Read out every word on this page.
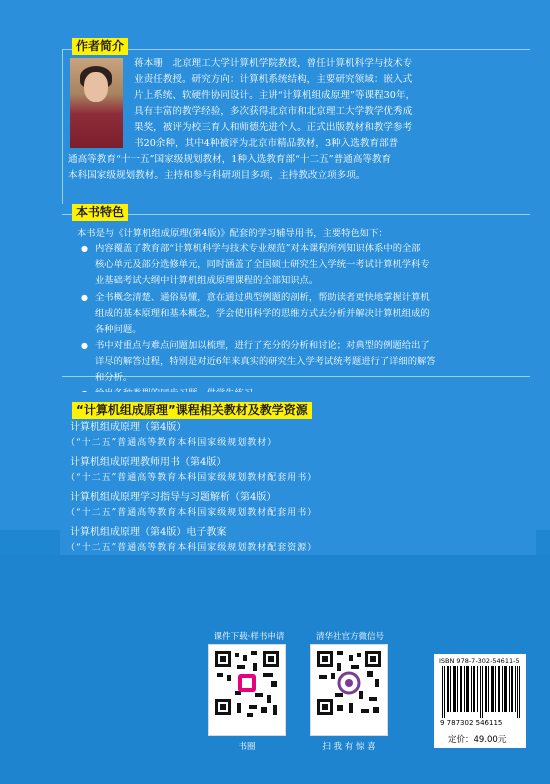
作者简介
蒋本珊　北京理工大学计算机学院教授，曾任计算机科学与技术专
业责任教授。研究方向：计算机系统结构，主要研究领域：嵌入式
片上系统、软硬件协同设计。主讲“计算机组成原理”等课程30年，
具有丰富的教学经验，多次获得北京市和北京理工大学教学优秀成
果奖，被评为校三育人和师德先进个人。正式出版教材和教学参考
书20余种，其中4种被评为北京市精品教材，3种入选教育部普
通高等教育“十一五”国家级规划教材，1种入选教育部“十二五”普通高等教育
本科国家级规划教材。主持和参与科研项目多项，主持教改立项多项。
本书特色
本书是与《计算机组成原理(第4版)》配套的学习辅导用书，主要特色如下：
● 内容覆盖了教育部“计算机科学与技术专业规范”对本课程所列知识体系中的全部
核心单元及部分选修单元，同时涵盖了全国硕士研究生入学统一考试计算机学科专
业基础考试大纲中计算机组成原理课程的全部知识点。
● 全书概念清楚、通俗易懂，意在通过典型例题的剖析，帮助读者更快地掌握计算机
组成的基本原理和基本概念，学会使用科学的思维方式去分析并解决计算机组成的
各种问题。
● 书中对重点与难点问题加以梳理，进行了充分的分析和讨论；对典型的例题给出了
详尽的解答过程，特别是对近6年来真实的研究生入学考试统考题进行了详细的解答
和分析。
●
“计算机组成原理”课程相关教材及教学资源
计算机组成原理（第4版）
（“十二五”普通高等教育本科国家级规划教材）
计算机组成原理教师用书（第4版）
（“十二五”普通高等教育本科国家级规划教材配套用书）
计算机组成原理学习指导与习题解析（第4版）
（“十二五”普通高等教育本科国家级规划教材配套用书）
计算机组成原理（第4版）电子教案
（“十二五”普通高等教育本科国家级规划教材配套资源）
课件下载·样书申请
书圈
清华社官方微信号
扫 我 有 惊 喜
ISBN 978-7-302-54611-5
9 787302 546115
定价：49.00元
